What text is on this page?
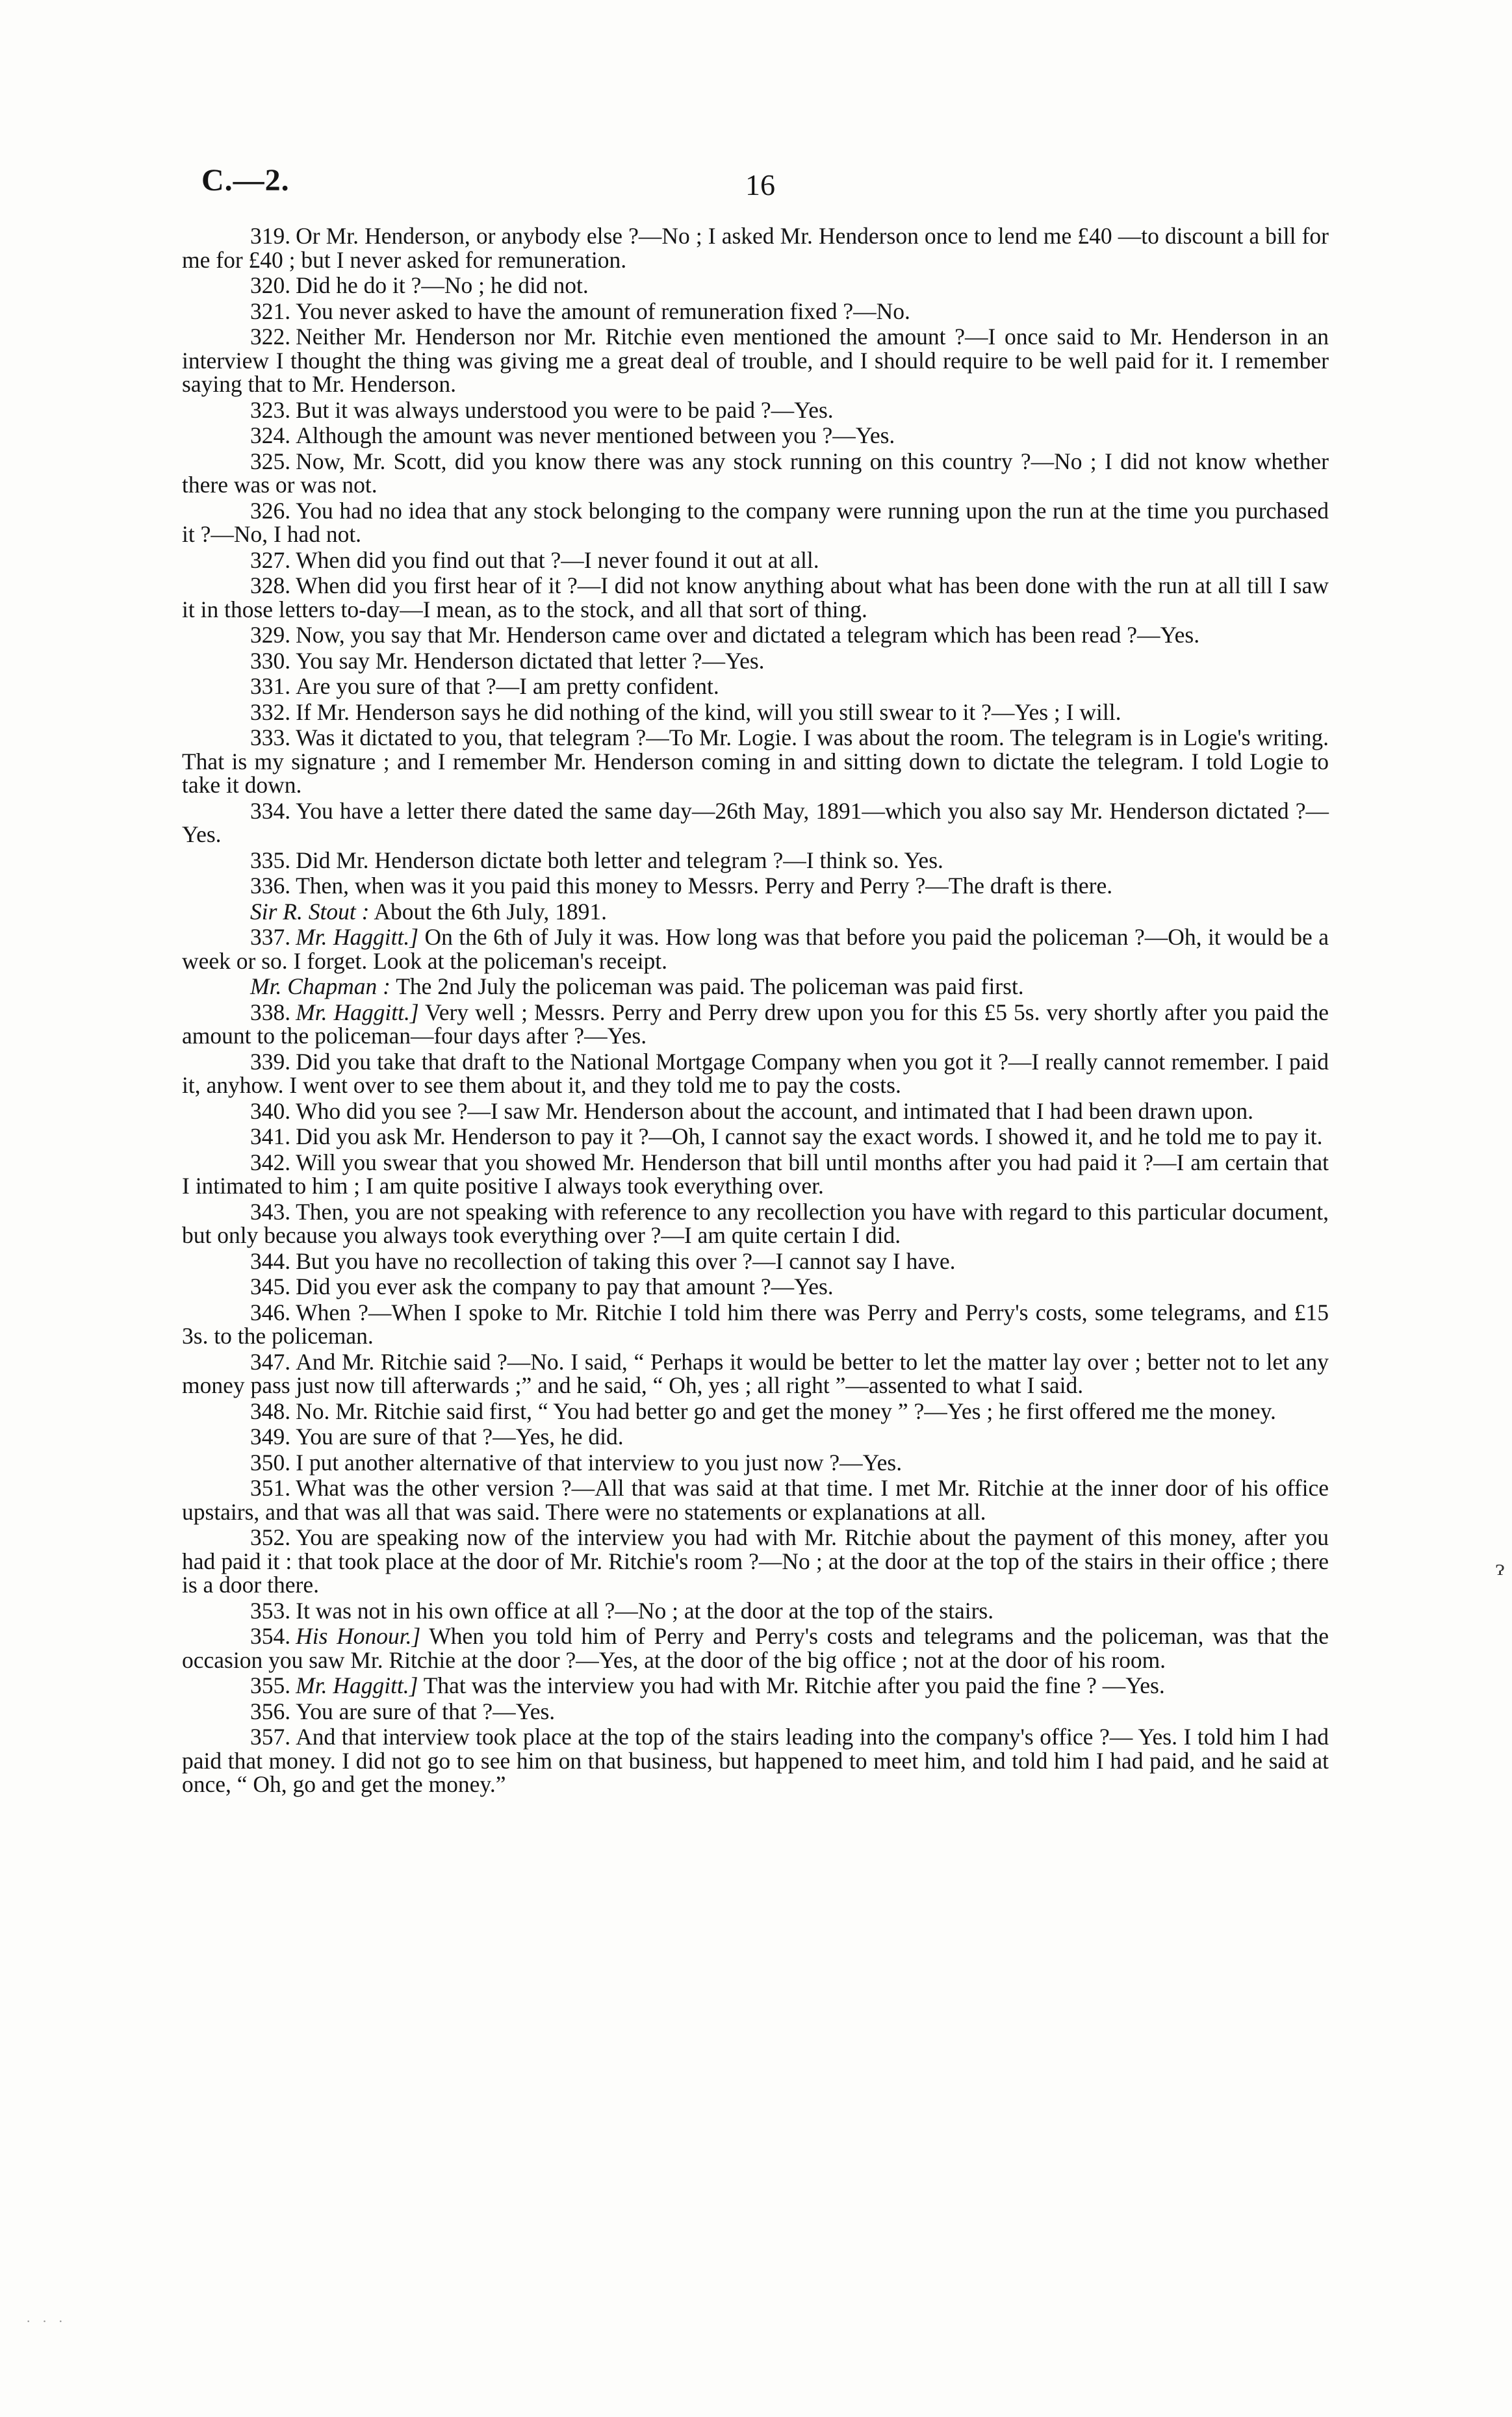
C.—2.	16

319. Or Mr. Henderson, or anybody else ?—No ; I asked Mr. Henderson once to lend me £40 —to discount a bill for me for £40 ; but I never asked for remuneration.

320. Did he do it ?—No ; he did not.

321. You never asked to have the amount of remuneration fixed ?—No.

322. Neither Mr. Henderson nor Mr. Ritchie even mentioned the amount ?—I once said to Mr. Henderson in an interview I thought the thing was giving me a great deal of trouble, and I should require to be well paid for it. I remember saying that to Mr. Henderson.

323. But it was always understood you were to be paid ?—Yes.

324. Although the amount was never mentioned between you ?—Yes.

325. Now, Mr. Scott, did you know there was any stock running on this country ?—No ; I did not know whether there was or was not.

326. You had no idea that any stock belonging to the company were running upon the run at the time you purchased it ?—No, I had not.

327. When did you find out that ?—I never found it out at all.

328. When did you first hear of it ?—I did not know anything about what has been done with the run at all till I saw it in those letters to-day—I mean, as to the stock, and all that sort of thing.

329. Now, you say that Mr. Henderson came over and dictated a telegram which has been read ?—Yes.

330. You say Mr. Henderson dictated that letter ?—Yes.

331. Are you sure of that ?—I am pretty confident.

332. If Mr. Henderson says he did nothing of the kind, will you still swear to it ?—Yes ; I will.

333. Was it dictated to you, that telegram ?—To Mr. Logie. I was about the room. The telegram is in Logie's writing. That is my signature ; and I remember Mr. Henderson coming in and sitting down to dictate the telegram. I told Logie to take it down.

334. You have a letter there dated the same day—26th May, 1891—which you also say Mr. Henderson dictated ?—Yes.

335. Did Mr. Henderson dictate both letter and telegram ?—I think so. Yes.

336. Then, when was it you paid this money to Messrs. Perry and Perry ?—The draft is there.

Sir R. Stout : About the 6th July, 1891.

337. Mr. Haggitt.] On the 6th of July it was. How long was that before you paid the policeman ?—Oh, it would be a week or so. I forget. Look at the policeman's receipt.

Mr. Chapman : The 2nd July the policeman was paid. The policeman was paid first.

338. Mr. Haggitt.] Very well ; Messrs. Perry and Perry drew upon you for this £5 5s. very shortly after you paid the amount to the policeman—four days after ?—Yes.

339. Did you take that draft to the National Mortgage Company when you got it ?—I really cannot remember. I paid it, anyhow. I went over to see them about it, and they told me to pay the costs.

340. Who did you see ?—I saw Mr. Henderson about the account, and intimated that I had been drawn upon.

341. Did you ask Mr. Henderson to pay it ?—Oh, I cannot say the exact words. I showed it, and he told me to pay it.

342. Will you swear that you showed Mr. Henderson that bill until months after you had paid it ?—I am certain that I intimated to him ; I am quite positive I always took everything over.

343. Then, you are not speaking with reference to any recollection you have with regard to this particular document, but only because you always took everything over ?—I am quite certain I did.

344. But you have no recollection of taking this over ?—I cannot say I have.

345. Did you ever ask the company to pay that amount ?—Yes.

346. When ?—When I spoke to Mr. Ritchie I told him there was Perry and Perry's costs, some telegrams, and £15 3s. to the policeman.

347. And Mr. Ritchie said ?—No. I said, “ Perhaps it would be better to let the matter lay over ; better not to let any money pass just now till afterwards ;” and he said, “ Oh, yes ; all right ”—assented to what I said.

348. No. Mr. Ritchie said first, “ You had better go and get the money ” ?—Yes ; he first offered me the money.

349. You are sure of that ?—Yes, he did.

350. I put another alternative of that interview to you just now ?—Yes.

351. What was the other version ?—All that was said at that time. I met Mr. Ritchie at the inner door of his office upstairs, and that was all that was said. There were no statements or explanations at all.

352. You are speaking now of the interview you had with Mr. Ritchie about the payment of this money, after you had paid it : that took place at the door of Mr. Ritchie's room ?—No ; at the door at the top of the stairs in their office ; there is a door there.

353. It was not in his own office at all ?—No ; at the door at the top of the stairs.

354. His Honour.] When you told him of Perry and Perry's costs and telegrams and the policeman, was that the occasion you saw Mr. Ritchie at the door ?—Yes, at the door of the big office ; not at the door of his room.

355. Mr. Haggitt.] That was the interview you had with Mr. Ritchie after you paid the fine ? —Yes.

356. You are sure of that ?—Yes.

357. And that interview took place at the top of the stairs leading into the company's office ?— Yes. I told him I had paid that money. I did not go to see him on that business, but happened to meet him, and told him I had paid, and he said at once, “ Oh, go and get the money.”

ɂ
· · ·
